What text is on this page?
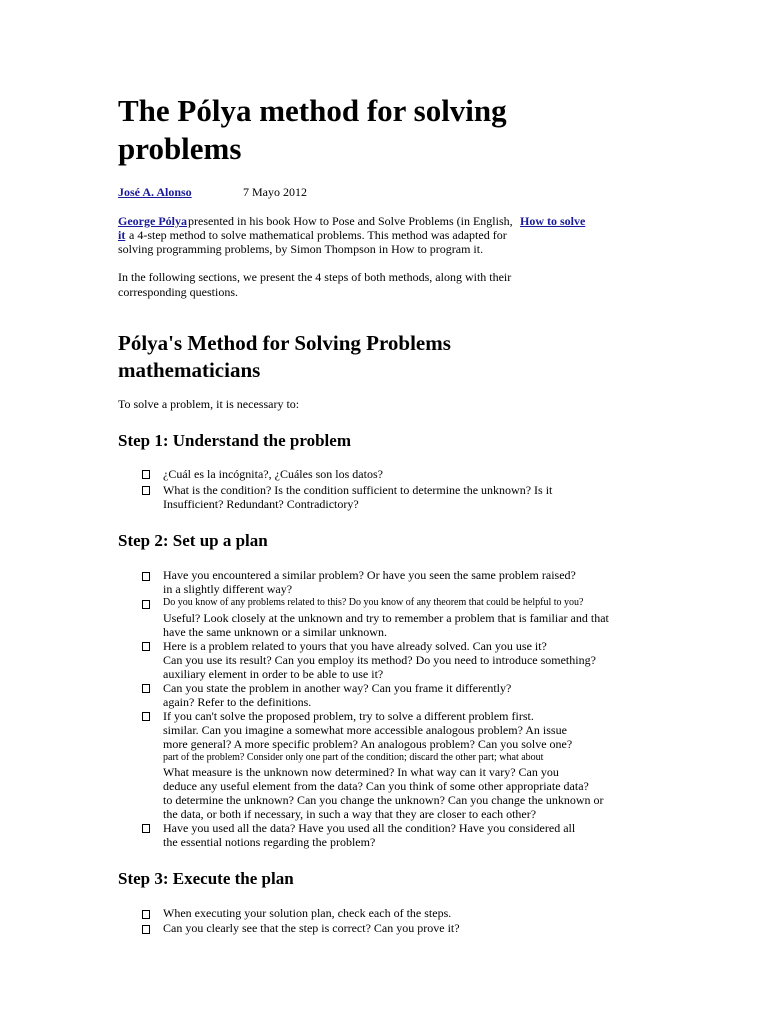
The Pólya method for solving
problems
José A. Alonso	7 Mayo 2012
George Pólya presented in his book How to Pose and Solve Problems (in English, How to solve
it a 4-step method to solve mathematical problems. This method was adapted for
solving programming problems, by Simon Thompson in How to program it.
In the following sections, we present the 4 steps of both methods, along with their
corresponding questions.
Pólya's Method for Solving Problems
mathematicians
To solve a problem, it is necessary to:
Step 1: Understand the problem
¿Cuál es la incógnita?, ¿Cuáles son los datos?
What is the condition? Is the condition sufficient to determine the unknown? Is it
Insufficient? Redundant? Contradictory?
Step 2: Set up a plan
Have you encountered a similar problem? Or have you seen the same problem raised?
in a slightly different way?
Do you know of any problems related to this? Do you know of any theorem that could be helpful to you?
Useful? Look closely at the unknown and try to remember a problem that is familiar and that
have the same unknown or a similar unknown.
Here is a problem related to yours that you have already solved. Can you use it?
Can you use its result? Can you employ its method? Do you need to introduce something?
auxiliary element in order to be able to use it?
Can you state the problem in another way? Can you frame it differently?
again? Refer to the definitions.
If you can't solve the proposed problem, try to solve a different problem first.
similar. Can you imagine a somewhat more accessible analogous problem? An issue
more general? A more specific problem? An analogous problem? Can you solve one?
part of the problem? Consider only one part of the condition; discard the other part; what about
What measure is the unknown now determined? In what way can it vary? Can you
deduce any useful element from the data? Can you think of some other appropriate data?
to determine the unknown? Can you change the unknown? Can you change the unknown or
the data, or both if necessary, in such a way that they are closer to each other?
Have you used all the data? Have you used all the condition? Have you considered all
the essential notions regarding the problem?
Step 3: Execute the plan
When executing your solution plan, check each of the steps.
Can you clearly see that the step is correct? Can you prove it?
